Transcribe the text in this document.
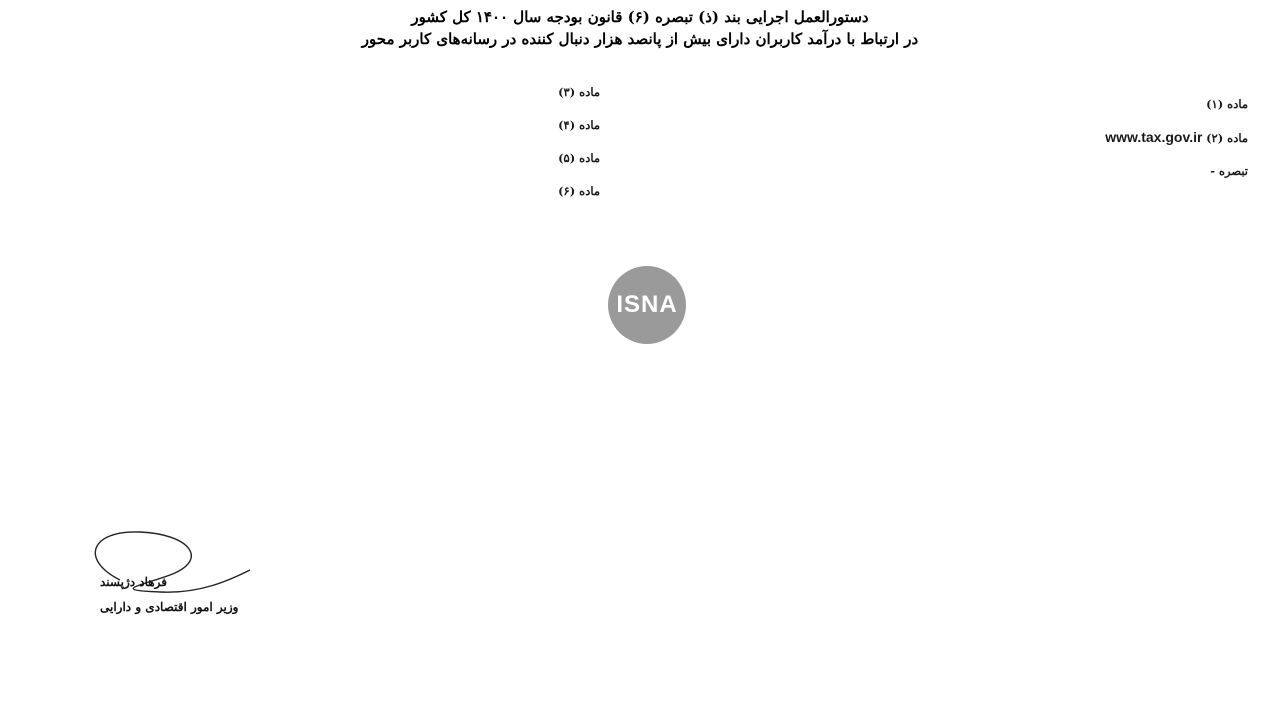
دستورالعمل اجرایی بند (ذ) تبصره (۶) قانون بودجه سال ۱۴۰۰ کل کشور
در ارتباط با درآمد کاربران دارای بیش از پانصد هزار دنبال کننده در رسانه‌های کاربر محور

ماده (۱)

ماده (۲) www.tax.gov.ir

تبصره -

ماده (۳)

ماده (۴)

ماده (۵)

ماده (۶)

فرهاد دژپسند
وزیر امور اقتصادی و دارایی
ISNA
